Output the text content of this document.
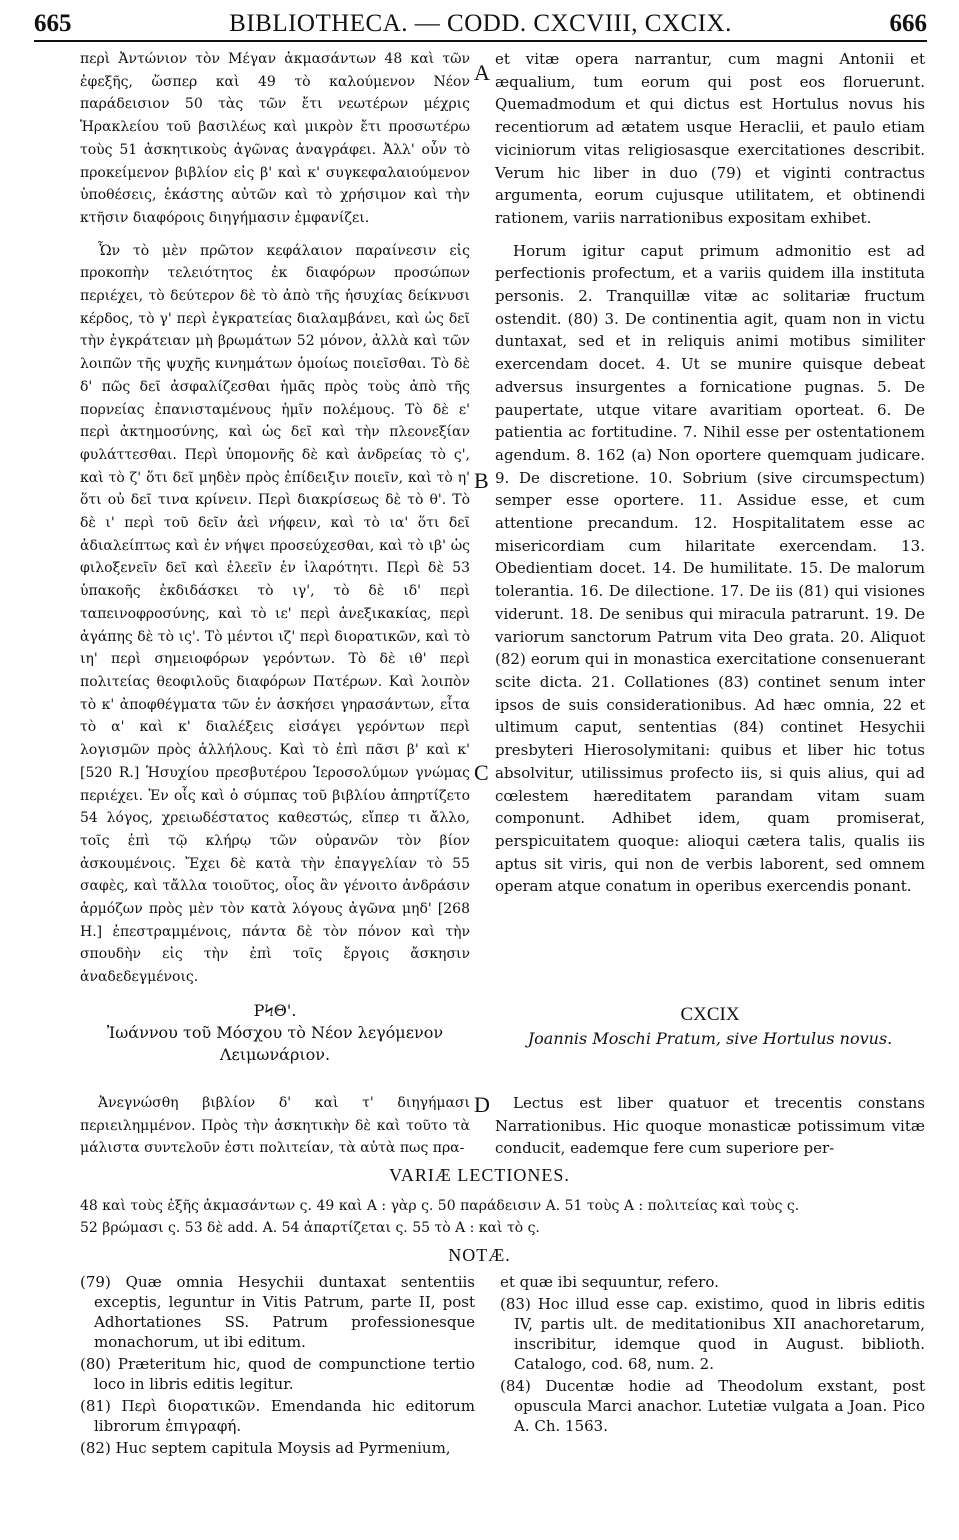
665	BIBLIOTHECA. — CODD. CXCVIII, CXCIX.	666

περὶ Ἀντώνιον τὸν Μέγαν ἀκμασάντων 48 καὶ τῶν ἐφεξῆς, ὥσπερ καὶ 49 τὸ καλούμενον Νέον παράδεισιον 50 τὰς τῶν ἔτι νεωτέρων μέχρις Ἡρακλείου τοῦ βασιλέως καὶ μικρὸν ἔτι προσωτέρω τοὺς 51 ἀσκητικοὺς ἀγῶνας ἀναγράφει. Ἀλλ' οὖν τὸ προκείμενον βιβλίον εἰς β' καὶ κ' συγκεφαλαιούμενον ὑποθέσεις, ἑκάστης αὐτῶν καὶ τὸ χρήσιμον καὶ τὴν κτῆσιν διαφόροις διηγήμασιν ἐμφανίζει.

Ὧν τὸ μὲν πρῶτον κεφάλαιον παραίνεσιν εἰς προκοπὴν τελειότητος ἐκ διαφόρων προσώπων περιέχει, τὸ δεύτερον δὲ τὸ ἀπὸ τῆς ἡσυχίας δείκνυσι κέρδος, τὸ γ' περὶ ἐγκρατείας διαλαμβάνει, καὶ ὡς δεῖ τὴν ἐγκράτειαν μὴ βρωμάτων 52 μόνον, ἀλλὰ καὶ τῶν λοιπῶν τῆς ψυχῆς κινημάτων ὁμοίως ποιεῖσθαι. Τὸ δὲ δ' πῶς δεῖ ἀσφαλίζεσθαι ἡμᾶς πρὸς τοὺς ἀπὸ τῆς πορνείας ἐπανισταμένους ἡμῖν πολέμους. Τὸ δὲ ε' περὶ ἀκτημοσύνης, καὶ ὡς δεῖ καὶ τὴν πλεονεξίαν φυλάττεσθαι. Περὶ ὑπομονῆς δὲ καὶ ἀνδρείας τὸ ς', καὶ τὸ ζ' ὅτι δεῖ μηδὲν πρὸς ἐπίδειξιν ποιεῖν, καὶ τὸ η' ὅτι οὐ δεῖ τινα κρίνειν. Περὶ διακρίσεως δὲ τὸ θ'. Τὸ δὲ ι' περὶ τοῦ δεῖν ἀεὶ νήφειν, καὶ τὸ ια' ὅτι δεῖ ἀδιαλείπτως καὶ ἐν νήψει προσεύχεσθαι, καὶ τὸ ιβ' ὡς φιλοξενεῖν δεῖ καὶ ἐλεεῖν ἐν ἱλαρότητι. Περὶ δὲ 53 ὑπακοῆς ἐκδιδάσκει τὸ ιγ', τὸ δὲ ιδ' περὶ ταπεινοφροσύνης, καὶ τὸ ιε' περὶ ἀνεξικακίας, περὶ ἀγάπης δὲ τὸ ις'. Τὸ μέντοι ιζ' περὶ διορατικῶν, καὶ τὸ ιη' περὶ σημειοφόρων γερόντων. Τὸ δὲ ιθ' περὶ πολιτείας θεοφιλοῦς διαφόρων Πατέρων. Καὶ λοιπὸν τὸ κ' ἀποφθέγματα τῶν ἐν ἀσκήσει γηρασάντων, εἶτα τὸ α' καὶ κ' διαλέξεις εἰσάγει γερόντων περὶ λογισμῶν πρὸς ἀλλήλους. Καὶ τὸ ἐπὶ πᾶσι β' καὶ κ' [520 R.] Ἡσυχίου πρεσβυτέρου Ἱεροσολύμων γνώμας περιέχει. Ἐν οἷς καὶ ὁ σύμπας τοῦ βιβλίου ἀπηρτίζετο 54 λόγος, χρειωδέστατος καθεστώς, εἴπερ τι ἄλλο, τοῖς ἐπὶ τῷ κλήρῳ τῶν οὐρανῶν τὸν βίον ἀσκουμένοις. Ἔχει δὲ κατὰ τὴν ἐπαγγελίαν τὸ 55 σαφὲς, καὶ τἄλλα τοιοῦτος, οἷος ἂν γένοιτο ἀνδράσιν ἁρμόζων πρὸς μὲν τὸν κατὰ λόγους ἀγῶνα μηδ' [268 H.] ἐπεστραμμένοις, πάντα δὲ τὸν πόνον καὶ τὴν σπουδὴν εἰς τὴν ἐπὶ τοῖς ἔργοις ἄσκησιν ἀναδεδεγμένοις.

et vitæ opera narrantur, cum magni Antonii et æqualium, tum eorum qui post eos floruerunt. Quemadmodum et qui dictus est Hortulus novus his recentiorum ad ætatem usque Heraclii, et paulo etiam viciniorum vitas religiosasque exercitationes describit. Verum hic liber in duo (79) et viginti contractus argumenta, eorum cujusque utilitatem, et obtinendi rationem, variis narrationibus expositam exhibet.

Horum igitur caput primum admonitio est ad perfectionis profectum, et a variis quidem illa institutа personis. 2. Tranquillæ vitæ ac solitariæ fructum ostendit. (80) 3. De continentia agit, quam non in victu duntaxat, sed et in reliquis animi motibus similiter exercendam docet. 4. Ut se munire quisque debeat adversus insurgentes a fornicatione pugnas. 5. De paupertate, utque vitare avaritiam oporteat. 6. De patientia ac fortitudine. 7. Nihil esse per ostentationem agendum. 8. 162 (a) Non oportere quemquam judicare. 9. De discretione. 10. Sobrium (sive circumspectum) semper esse oportere. 11. Assiduе esse, et cum attentione precandum. 12. Hospitalitatem esse ac misericordiam cum hilaritate exercendam. 13. Obedientiam docet. 14. De humilitate. 15. De malorum tolerantia. 16. De dilectione. 17. De iis (81) qui visiones viderunt. 18. De senibus qui miracula patrarunt. 19. De variorum sanctorum Patrum vita Deo grata. 20. Aliquot (82) eorum qui in monastica exercitatione consenuerant scite dicta. 21. Collationes (83) continet senum inter ipsos de suis considerationibus. Ad hæc omnia, 22 et ultimum caput, sententias (84) continet Hesychii presbyteri Hierosolymitani: quibus et liber hic totus absolvitur, utilissimus profecto iis, si quis alius, qui ad cœlestem hæreditatem parandam vitam suam componunt. Adhibet idem, quam promiserat, perspicuitatem quoque: alioqui cætera talis, qualis iis aptus sit viris, qui non de verbis laborent, sed omnem operam atque conatum in operibus exercendis ponant.

A
B
C
D
ΡϞΘ'.
Ἰωάννου τοῦ Μόσχου τὸ Νέον λεγόμενον Λειμωνάριον.
CXCIX
Joannis Moschi Pratum, sive Hortulus novus.

Ἀνεγνώσθη βιβλίον δ' καὶ τ' διηγήμασι περιειλημμένον. Πρὸς τὴν ἀσκητικὴν δὲ καὶ τοῦτο τὰ μάλιστα συντελοῦν ἐστι πολιτείαν, τὰ αὐτὰ πως πρα-

Lectus est liber quatuor et trecentis constans Narrationibus. Hic quoque monasticæ potissimum vitæ conducit, eademque fere cum superiore per-

VARIÆ LECTIONES.
48 καὶ τοὺς ἐξῆς ἀκμασάντων ς. 49 καὶ A : γὰρ ς. 50 παράδεισιν A. 51 τοὺς A : πολιτείας καὶ τοὺς ς.
52 βρώμασι ς. 53 δὲ add. A. 54 ἀπαρτίζεται ς. 55 τὸ A : καὶ τὸ ς.
NOTÆ.

(79) Quæ omnia Hesychii duntaxat sententiis exceptis, leguntur in Vitis Patrum, parte II, post Adhortationes SS. Patrum professionesque monachorum, ut ibi editum.

(80) Præteritum hic, quod de compunctione tertio loco in libris editis legitur.

(81) Περὶ διορατικῶν. Emendanda hic editorum librorum ἐπιγραφή.

(82) Huc septem capitula Moysis ad Pyrmenium,

et quæ ibi sequuntur, refero.

(83) Hoc illud esse cap. existimo, quod in libris editis IV, partis ult. de meditationibus XII anachoretarum, inscribitur, idemque quod in August. biblioth. Catalogo, cod. 68, num. 2.

(84) Ducentæ hodie ad Theodolum exstant, post opuscula Marci anachor. Lutetiæ vulgata a Joan. Pico A. Ch. 1563.
